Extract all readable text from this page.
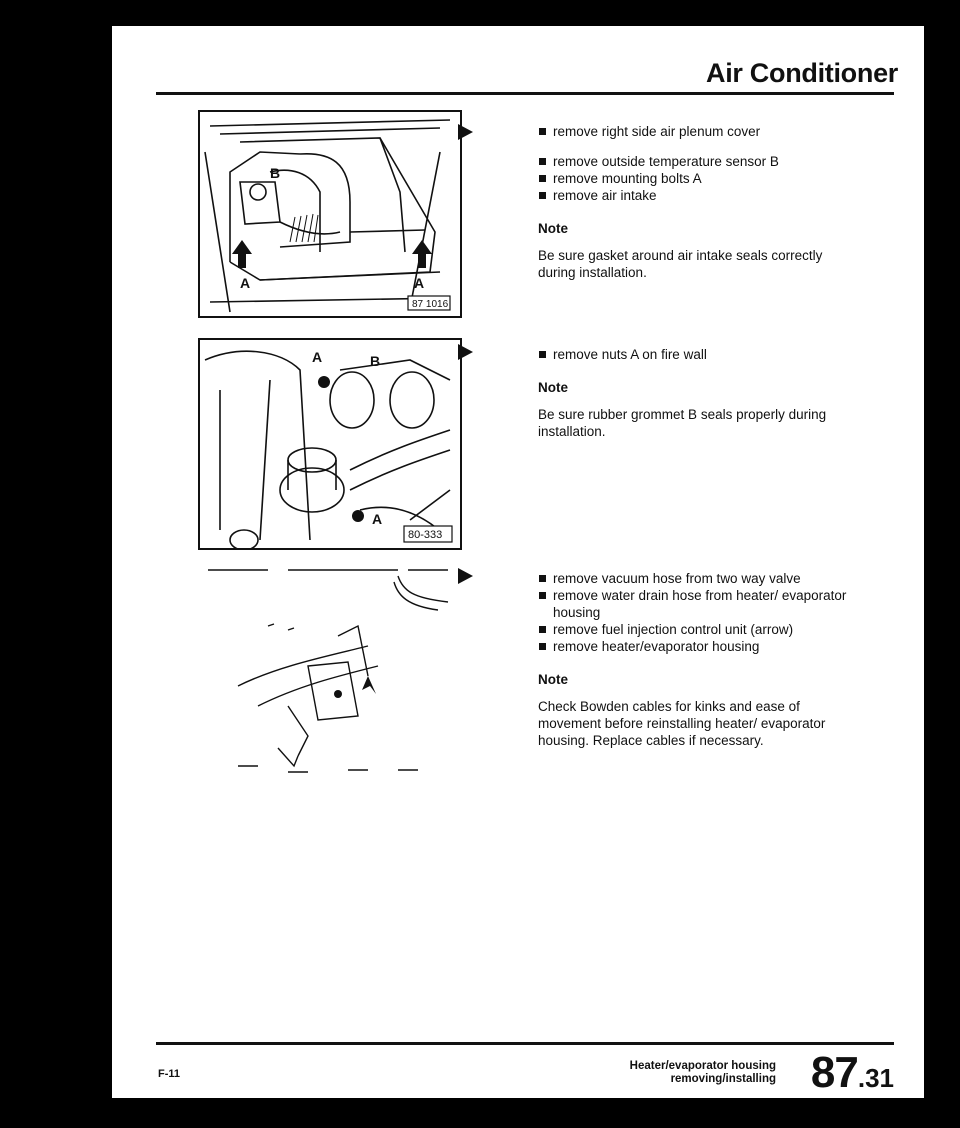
Air Conditioner
B
A	A
87 1016
A	B
A
80-333

remove right side air plenum cover

remove outside temperature sensor B

remove mounting bolts A

remove air intake

Note

Be sure gasket around air intake seals correctly during installation.

remove nuts A on fire wall

Note

Be sure rubber grommet B seals properly during installation.

remove vacuum hose from two way valve

remove water drain hose from heater/ evaporator housing

remove fuel injection control unit (arrow)

remove heater/evaporator housing

Note

Check Bowden cables for kinks and ease of movement before reinstalling heater/ evaporator housing. Replace cables if necessary.

F-11
Heater/evaporator housing
removing/installing 87.31
